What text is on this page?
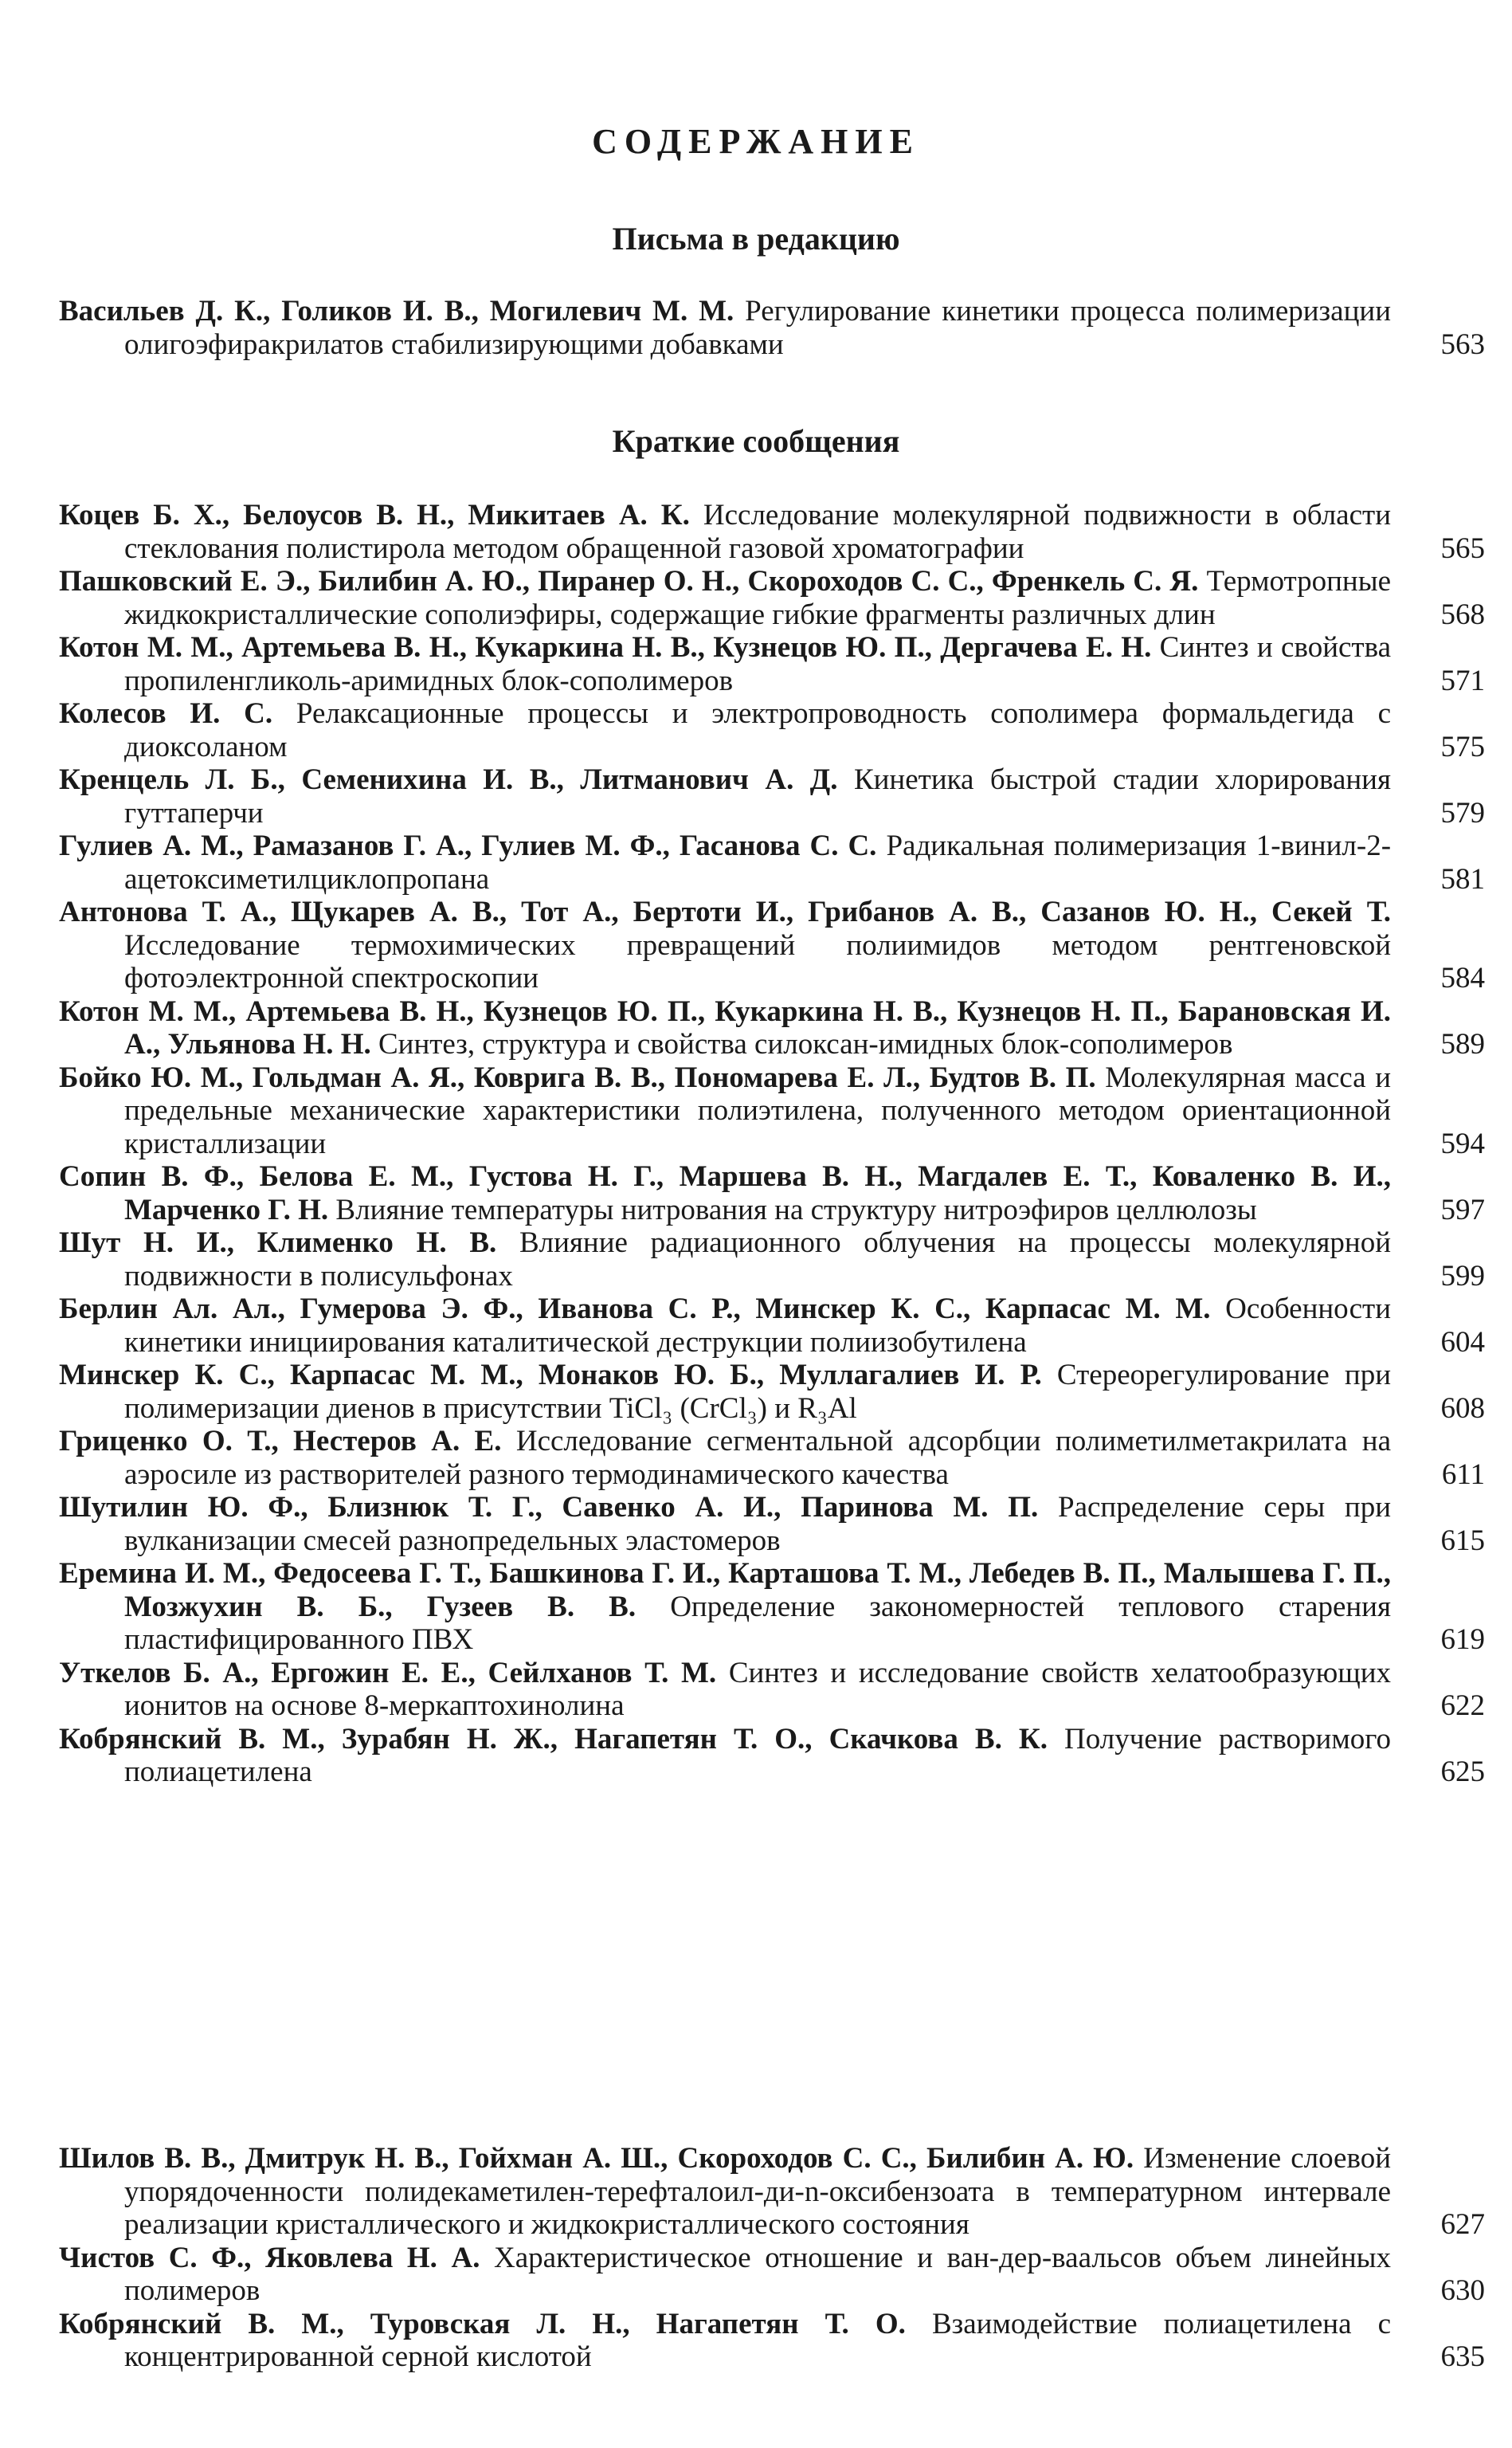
СОДЕРЖАНИЕ
Письма в редакцию
Васильев Д. К., Голиков И. В., Могилевич М. М. Регулирование кинетики процесса полимеризации олигоэфиракрилатов стабилизирующими добавками	563
Краткие сообщения
Коцев Б. Х., Белоусов В. Н., Микитаев А. К. Исследование молекулярной подвижности в области стеклования полистирола методом обращенной газовой хроматографии	565
Пашковский Е. Э., Билибин А. Ю., Пиранер О. Н., Скороходов С. С., Френкель С. Я. Термотропные жидкокристаллические сополиэфиры, содержащие гибкие фрагменты различных длин	568
Котон М. М., Артемьева В. Н., Кукаркина Н. В., Кузнецов Ю. П., Дергачева Е. Н. Синтез и свойства пропиленгликоль-аримидных блок-сополимеров	571
Колесов И. С. Релаксационные процессы и электропроводность сополимера формальдегида с диоксоланом	575
Кренцель Л. Б., Семенихина И. В., Литманович А. Д. Кинетика быстрой стадии хлорирования гуттаперчи	579
Гулиев А. М., Рамазанов Г. А., Гулиев М. Ф., Гасанова С. С. Радикальная полимеризация 1-винил-2-ацетоксиметилциклопропана	581
Антонова Т. А., Щукарев А. В., Тот А., Бертоти И., Грибанов А. В., Сазанов Ю. Н., Секей Т. Исследование термохимических превращений полиимидов методом рентгеновской фотоэлектронной спектроскопии	584
Котон М. М., Артемьева В. Н., Кузнецов Ю. П., Кукаркина Н. В., Кузнецов Н. П., Барановская И. А., Ульянова Н. Н. Синтез, структура и свойства силоксан-имидных блок-сополимеров	589
Бойко Ю. М., Гольдман А. Я., Коврига В. В., Пономарева Е. Л., Будтов В. П. Молекулярная масса и предельные механические характеристики полиэтилена, полученного методом ориентационной кристаллизации	594
Сопин В. Ф., Белова Е. М., Густова Н. Г., Маршева В. Н., Магдалев Е. Т., Коваленко В. И., Марченко Г. Н. Влияние температуры нитрования на структуру нитроэфиров целлюлозы	597
Шут Н. И., Клименко Н. В. Влияние радиационного облучения на процессы молекулярной подвижности в полисульфонах	599
Берлин Ал. Ал., Гумерова Э. Ф., Иванова С. Р., Минскер К. С., Карпасас М. М. Особенности кинетики инициирования каталитической деструкции полиизобутилена	604
Минскер К. С., Карпасас М. М., Монаков Ю. Б., Муллагалиев И. Р. Стереорегулирование при полимеризации диенов в присутствии TiCl₃ (CrCl₃) и R₃Al	608
Гриценко О. Т., Нестеров А. Е. Исследование сегментальной адсорбции полиметилметакрилата на аэросиле из растворителей разного термодинамического качества	611
Шутилин Ю. Ф., Близнюк Т. Г., Савенко А. И., Паринова М. П. Распределение серы при вулканизации смесей разнопредельных эластомеров	615
Еремина И. М., Федосеева Г. Т., Башкинова Г. И., Карташова Т. М., Лебедев В. П., Малышева Г. П., Мозжухин В. Б., Гузеев В. В. Определение закономерностей теплового старения пластифицированного ПВХ	619
Уткелов Б. А., Ергожин Е. Е., Сейлханов Т. М. Синтез и исследование свойств хелатообразующих ионитов на основе 8-меркаптохинолина	622
Кобрянский В. М., Зурабян Н. Ж., Нагапетян Т. О., Скачкова В. К. Получение растворимого полиацетилена	625
Шилов В. В., Дмитрук Н. В., Гойхман А. Ш., Скороходов С. С., Билибин А. Ю. Изменение слоевой упорядоченности полидекаметилен-терефталоил-ди-n-оксибензоата в температурном интервале реализации кристаллического и жидкокристаллического состояния	627
Чистов С. Ф., Яковлева Н. А. Характеристическое отношение и ван-дер-ваальсов объем линейных полимеров	630
Кобрянский В. М., Туровская Л. Н., Нагапетян Т. О. Взаимодействие полиацетилена с концентрированной серной кислотой	635
